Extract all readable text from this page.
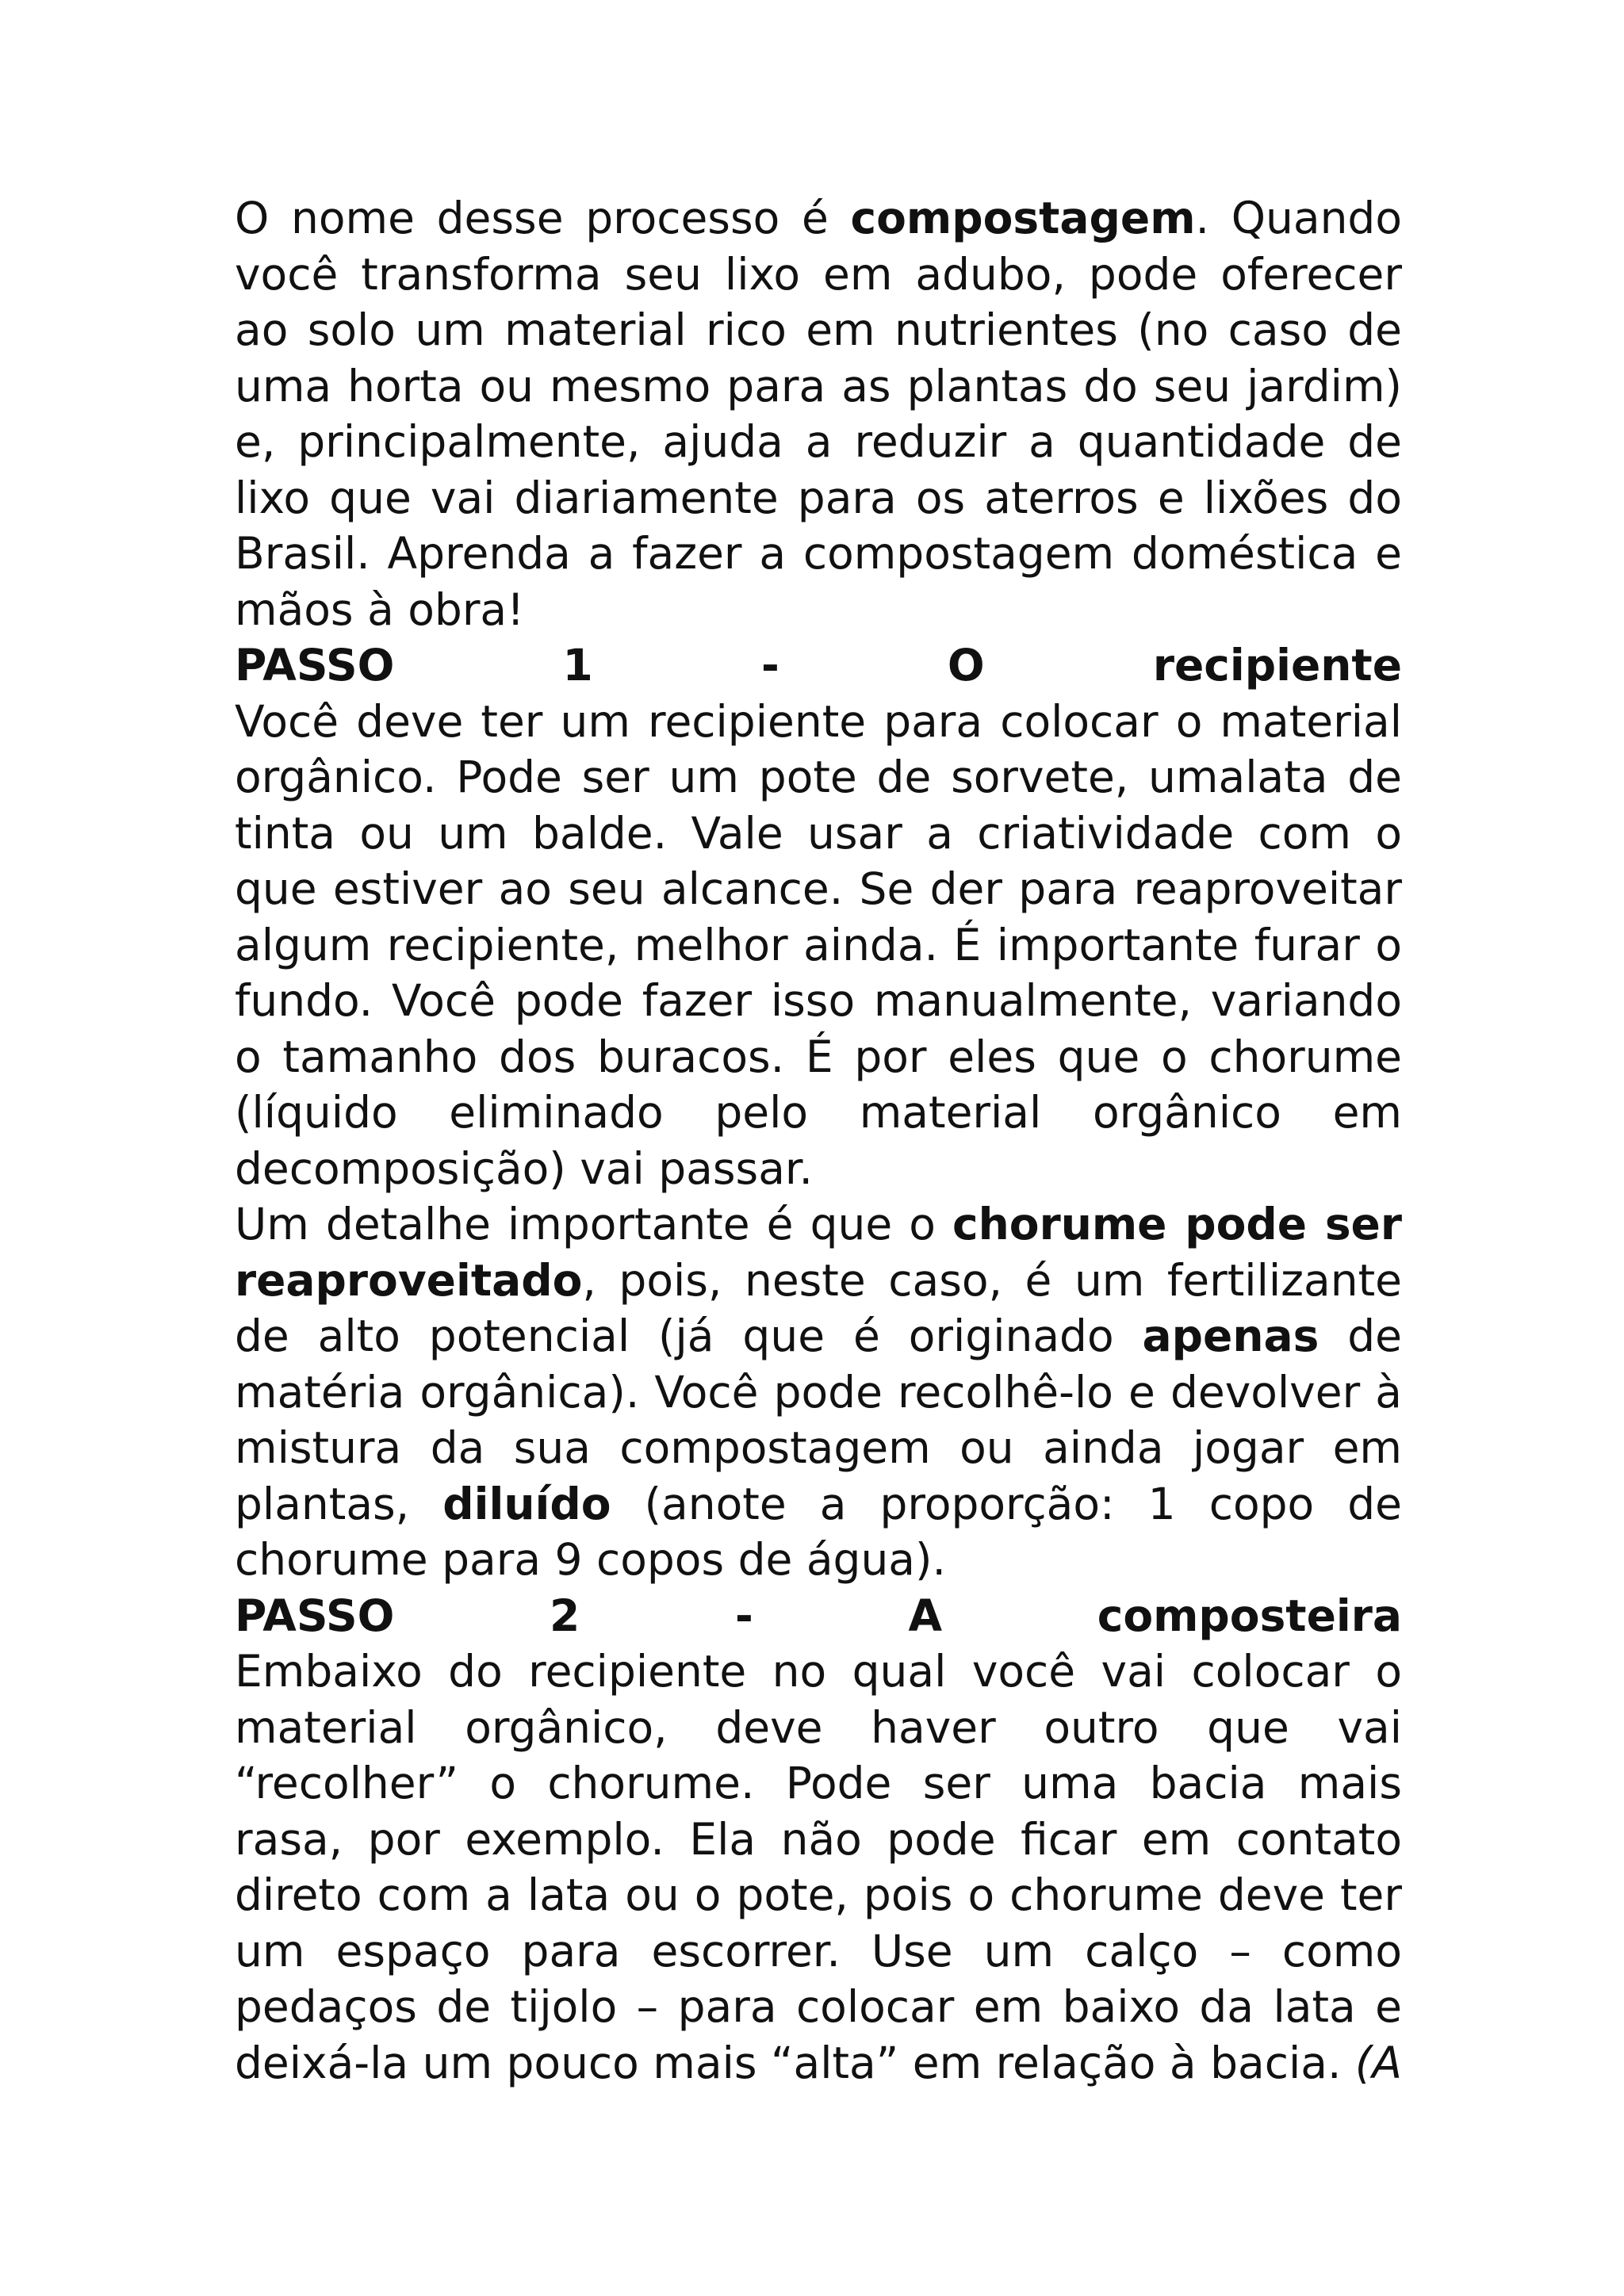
O nome desse processo é compostagem. Quando você transforma seu lixo em adubo, pode oferecer ao solo um material rico em nutrientes (no caso de uma horta ou mesmo para as plantas do seu jardim) e, principalmente, ajuda a reduzir a quantidade de lixo que vai diariamente para os aterros e lixões do Brasil. Aprenda a fazer a compostagem doméstica e mãos à obra!

PASSO	1	-	O	recipiente

Você deve ter um recipiente para colocar o material orgânico. Pode ser um pote de sorvete, umalata de tinta ou um balde. Vale usar a criatividade com o que estiver ao seu alcance. Se der para reaproveitar algum recipiente, melhor ainda. É importante furar o fundo. Você pode fazer isso manualmente, variando o tamanho dos buracos. É por eles que o chorume (líquido eliminado pelo material orgânico em decomposição) vai passar.

Um detalhe importante é que o chorume pode ser reaproveitado, pois, neste caso, é um fertilizante de alto potencial (já que é originado apenas de matéria orgânica). Você pode recolhê-lo e devolver à mistura da sua compostagem ou ainda jogar em plantas, diluído (anote a proporção: 1 copo de chorume para 9 copos de água).

PASSO	2	-	A	composteira

Embaixo do recipiente no qual você vai colocar o material orgânico, deve haver outro que vai “recolher” o chorume. Pode ser uma bacia mais rasa, por exemplo. Ela não pode ficar em contato direto com a lata ou o pote, pois o chorume deve ter um espaço para escorrer. Use um calço – como pedaços de tijolo – para colocar em baixo da lata e deixá-la um pouco mais “alta” em relação à bacia. (A
